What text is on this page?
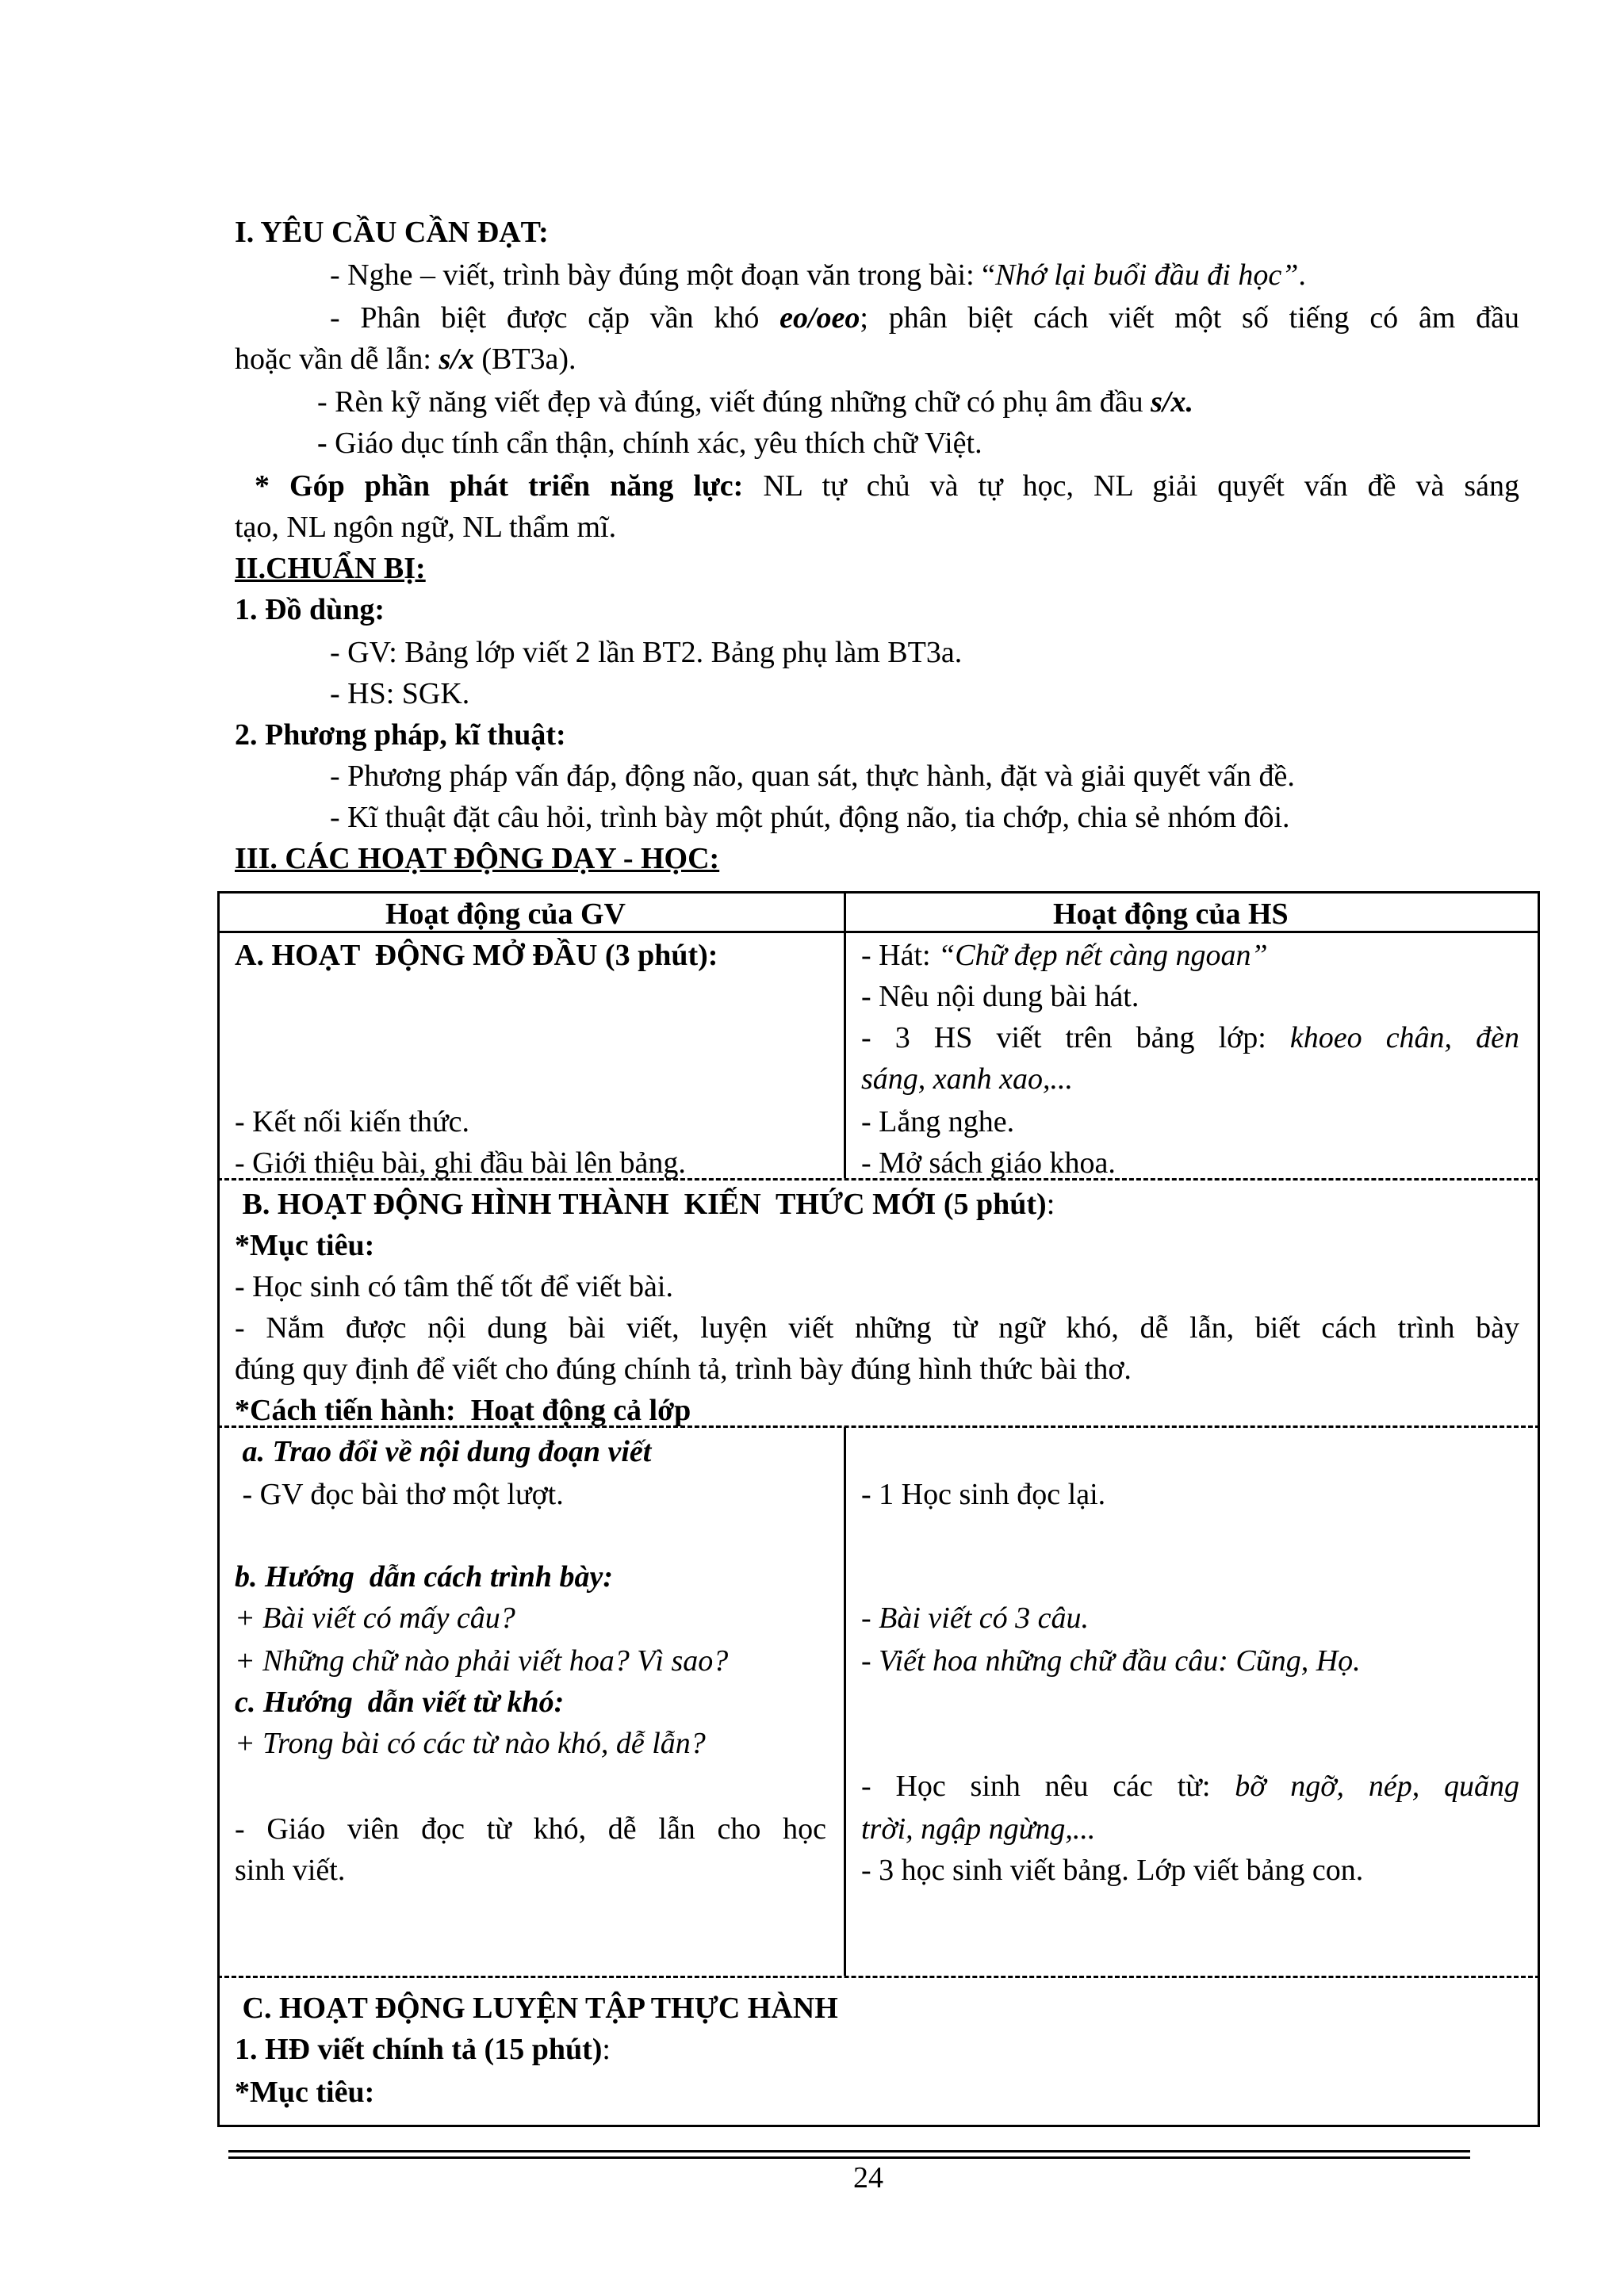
I. YÊU CẦU CẦN ĐẠT:
- Nghe – viết, trình bày đúng một đoạn văn trong bài: “Nhớ lại buổi đầu đi học”.
- Phân biệt được cặp vần khó eo/oeo; phân biệt cách viết một số tiếng có âm đầu
hoặc vần dễ lẫn: s/x (BT3a).
- Rèn kỹ năng viết đẹp và đúng, viết đúng những chữ có phụ âm đầu s/x.
- Giáo dục tính cẩn thận, chính xác, yêu thích chữ Việt.
* Góp phần phát triển năng lực: NL tự chủ và tự học, NL giải quyết vấn đề và sáng
tạo, NL ngôn ngữ, NL thẩm mĩ.
II.CHUẨN BỊ:
1. Đồ dùng:
- GV: Bảng lớp viết 2 lần BT2. Bảng phụ làm BT3a.
- HS: SGK.
2. Phương pháp, kĩ thuật:
- Phương pháp vấn đáp, động não, quan sát, thực hành, đặt và giải quyết vấn đề.
- Kĩ thuật đặt câu hỏi, trình bày một phút, động não, tia chớp, chia sẻ nhóm đôi.
III. CÁC HOẠT ĐỘNG DẠY - HỌC:
Hoạt động của GV	Hoạt động của HS
A. HOẠT  ĐỘNG MỞ ĐẦU (3 phút):
- Kết nối kiến thức.
- Giới thiệu bài, ghi đầu bài lên bảng.
- Hát: “Chữ đẹp nết càng ngoan”
- Nêu nội dung bài hát.
- 3 HS viết trên bảng lớp: khoeo chân, đèn
sáng, xanh xao,...
- Lắng nghe.
- Mở sách giáo khoa.
B. HOẠT ĐỘNG HÌNH THÀNH  KIẾN  THỨC MỚI (5 phút):
*Mục tiêu:
- Học sinh có tâm thế tốt để viết bài.
- Nắm được nội dung bài viết, luyện viết những từ ngữ khó, dễ lẫn, biết cách trình bày
đúng quy định để viết cho đúng chính tả, trình bày đúng hình thức bài thơ.
*Cách tiến hành:  Hoạt động cả lớp
a. Trao đổi về nội dung đoạn viết
- GV đọc bài thơ một lượt.
b. Hướng  dẫn cách trình bày:
+ Bài viết có mấy câu?
+ Những chữ nào phải viết hoa? Vì sao?
c. Hướng  dẫn viết từ khó:
+ Trong bài có các từ nào khó, dễ lẫn?
- Giáo viên đọc từ khó, dễ lẫn cho học
sinh viết.
- 1 Học sinh đọc lại.
- Bài viết có 3 câu.
- Viết hoa những chữ đầu câu: Cũng, Họ.
- Học sinh nêu các từ: bỡ ngỡ, nép, quãng
trời, ngập ngừng,...
- 3 học sinh viết bảng. Lớp viết bảng con.
C. HOẠT ĐỘNG LUYỆN TẬP THỰC HÀNH
1. HĐ viết chính tả (15 phút):
*Mục tiêu:
24
